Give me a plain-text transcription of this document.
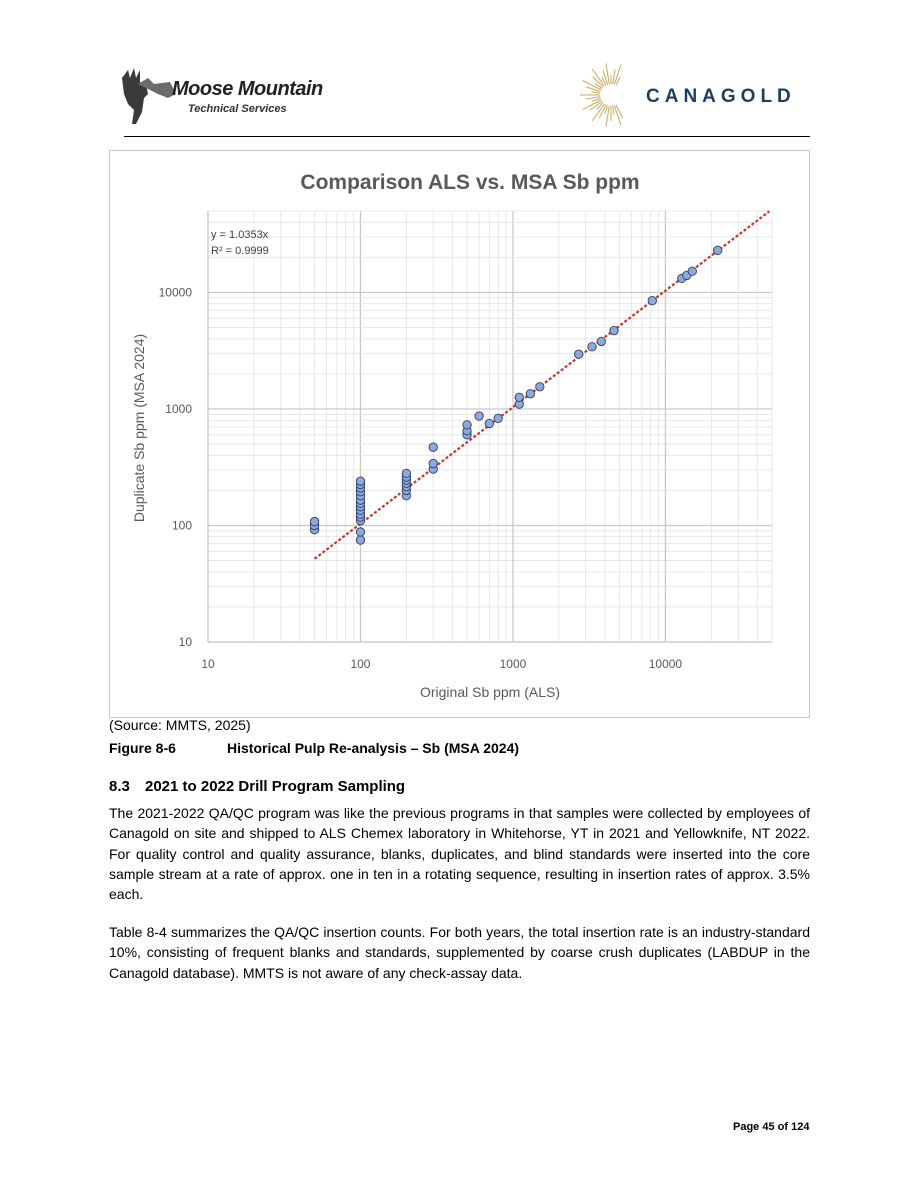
Moose Mountain
Technical Services
CANAGOLD
Comparison ALS vs. MSA Sb ppm
10	100	1000	10000
10
100
1000
10000
Original Sb ppm (ALS)
Duplicate Sb ppm (MSA 2024)
y = 1.0353x
R² = 0.9999
(Source: MMTS, 2025)
Figure 8-6	Historical Pulp Re-analysis – Sb (MSA 2024)
8.3 2021 to 2022 Drill Program Sampling
The 2021-2022 QA/QC program was like the previous programs in that samples were collected by employees of Canagold on site and shipped to ALS Chemex laboratory in Whitehorse, YT in 2021 and Yellowknife, NT 2022. For quality control and quality assurance, blanks, duplicates, and blind standards were inserted into the core sample stream at a rate of approx. one in ten in a rotating sequence, resulting in insertion rates of approx. 3.5% each.
Table 8-4 summarizes the QA/QC insertion counts. For both years, the total insertion rate is an industry-standard 10%, consisting of frequent blanks and standards, supplemented by coarse crush duplicates (LABDUP in the Canagold database). MMTS is not aware of any check-assay data.
Page 45 of 124
